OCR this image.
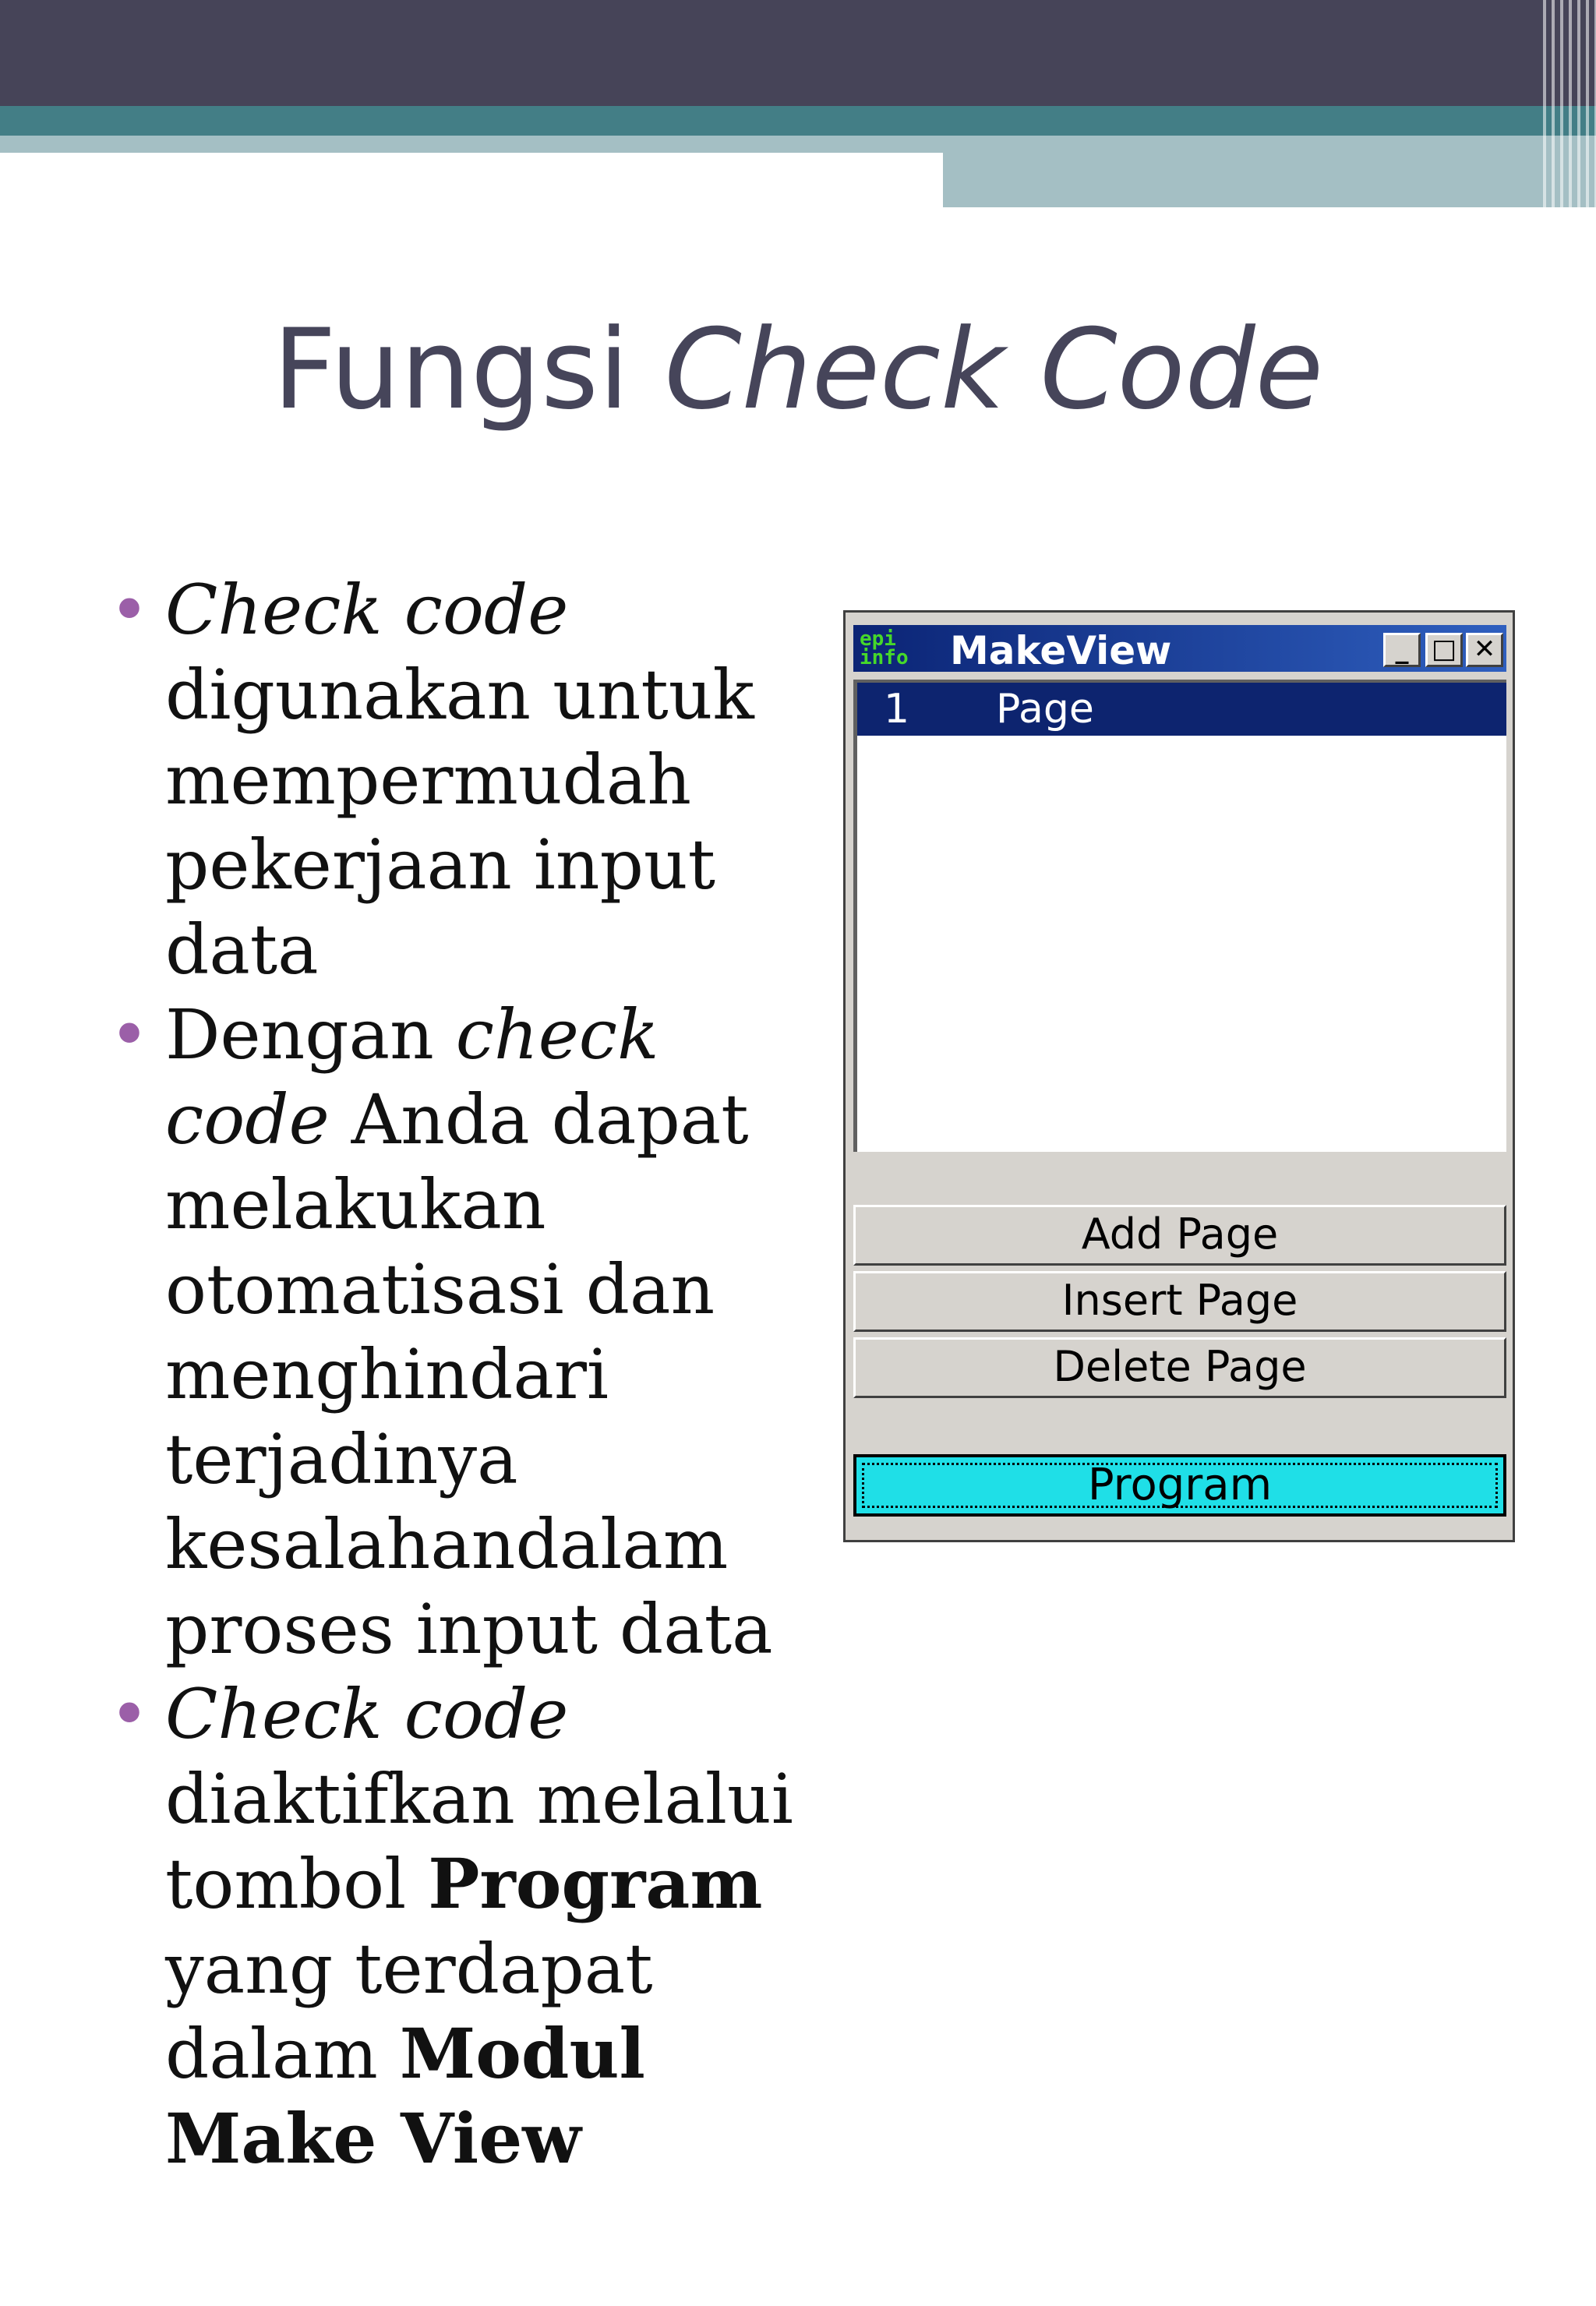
Fungsi Check Code
• Check code digunakan untuk mempermudah pekerjaan input data
• Dengan check code Anda dapat melakukan otomatisasi dan menghindari terjadinya kesalahandalam proses input data
• Check code diaktifkan melalui tombol Program yang terdapat dalam Modul Make View
epi info	MakeView	_ □ ✕
1 Page
Add Page
Insert Page
Delete Page
Program
